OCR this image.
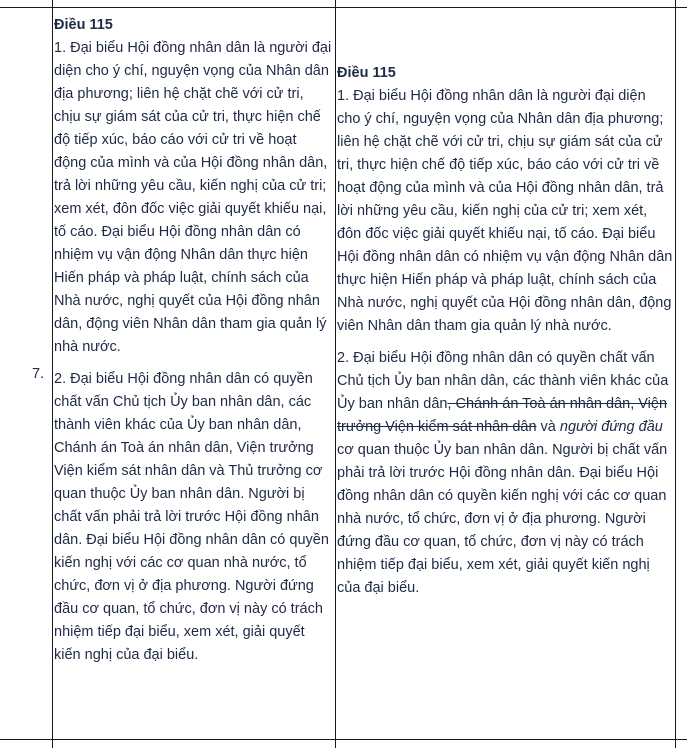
7.

Điều 115

1. Đại biểu Hội đồng nhân dân là người đại diện cho ý chí, nguyện vọng của Nhân dân địa phương; liên hệ chặt chẽ với cử tri, chịu sự giám sát của cử tri, thực hiện chế độ tiếp xúc, báo cáo với cử tri về hoạt động của mình và của Hội đồng nhân dân, trả lời những yêu cầu, kiến nghị của cử tri; xem xét, đôn đốc việc giải quyết khiếu nại, tố cáo. Đại biểu Hội đồng nhân dân có nhiệm vụ vận động Nhân dân thực hiện Hiến pháp và pháp luật, chính sách của Nhà nước, nghị quyết của Hội đồng nhân dân, động viên Nhân dân tham gia quản lý nhà nước.

2. Đại biểu Hội đồng nhân dân có quyền chất vấn Chủ tịch Ủy ban nhân dân, các thành viên khác của Ủy ban nhân dân, Chánh án Toà án nhân dân, Viện trưởng Viện kiểm sát nhân dân và Thủ trưởng cơ quan thuộc Ủy ban nhân dân. Người bị chất vấn phải trả lời trước Hội đồng nhân dân. Đại biểu Hội đồng nhân dân có quyền kiến nghị với các cơ quan nhà nước, tổ chức, đơn vị ở địa phương. Người đứng đầu cơ quan, tổ chức, đơn vị này có trách nhiệm tiếp đại biểu, xem xét, giải quyết kiến nghị của đại biểu.

Điều 115

1. Đại biểu Hội đồng nhân dân là người đại diện cho ý chí, nguyện vọng của Nhân dân địa phương; liên hệ chặt chẽ với cử tri, chịu sự giám sát của cử tri, thực hiện chế độ tiếp xúc, báo cáo với cử tri về hoạt động của mình và của Hội đồng nhân dân, trả lời những yêu cầu, kiến nghị của cử tri; xem xét, đôn đốc việc giải quyết khiếu nại, tố cáo. Đại biểu Hội đồng nhân dân có nhiệm vụ vận động Nhân dân thực hiện Hiến pháp và pháp luật, chính sách của Nhà nước, nghị quyết của Hội đồng nhân dân, động viên Nhân dân tham gia quản lý nhà nước.

2. Đại biểu Hội đồng nhân dân có quyền chất vấn Chủ tịch Ủy ban nhân dân, các thành viên khác của Ủy ban nhân dân, Chánh án Toà án nhân dân, Viện trưởng Viện kiểm sát nhân dân và người đứng đầu cơ quan thuộc Ủy ban nhân dân. Người bị chất vấn phải trả lời trước Hội đồng nhân dân. Đại biểu Hội đồng nhân dân có quyền kiến nghị với các cơ quan nhà nước, tổ chức, đơn vị ở địa phương. Người đứng đầu cơ quan, tổ chức, đơn vị này có trách nhiệm tiếp đại biểu, xem xét, giải quyết kiến nghị của đại biểu.
